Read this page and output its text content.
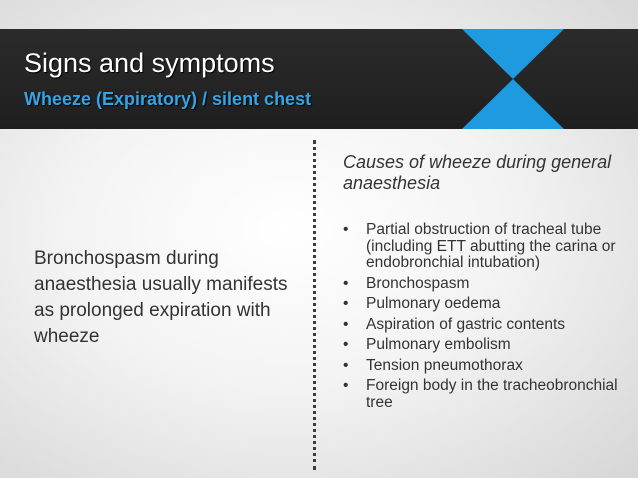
Signs and symptoms
Wheeze (Expiratory) / silent chest

Bronchospasm during anaesthesia usually manifests as prolonged expiration with wheeze

Causes of wheeze during general anaesthesia

• Partial obstruction of tracheal tube (including ETT abutting the carina or endobronchial intubation)
• Bronchospasm
• Pulmonary oedema
• Aspiration of gastric contents
• Pulmonary embolism
• Tension pneumothorax
• Foreign body in the tracheobronchial tree
